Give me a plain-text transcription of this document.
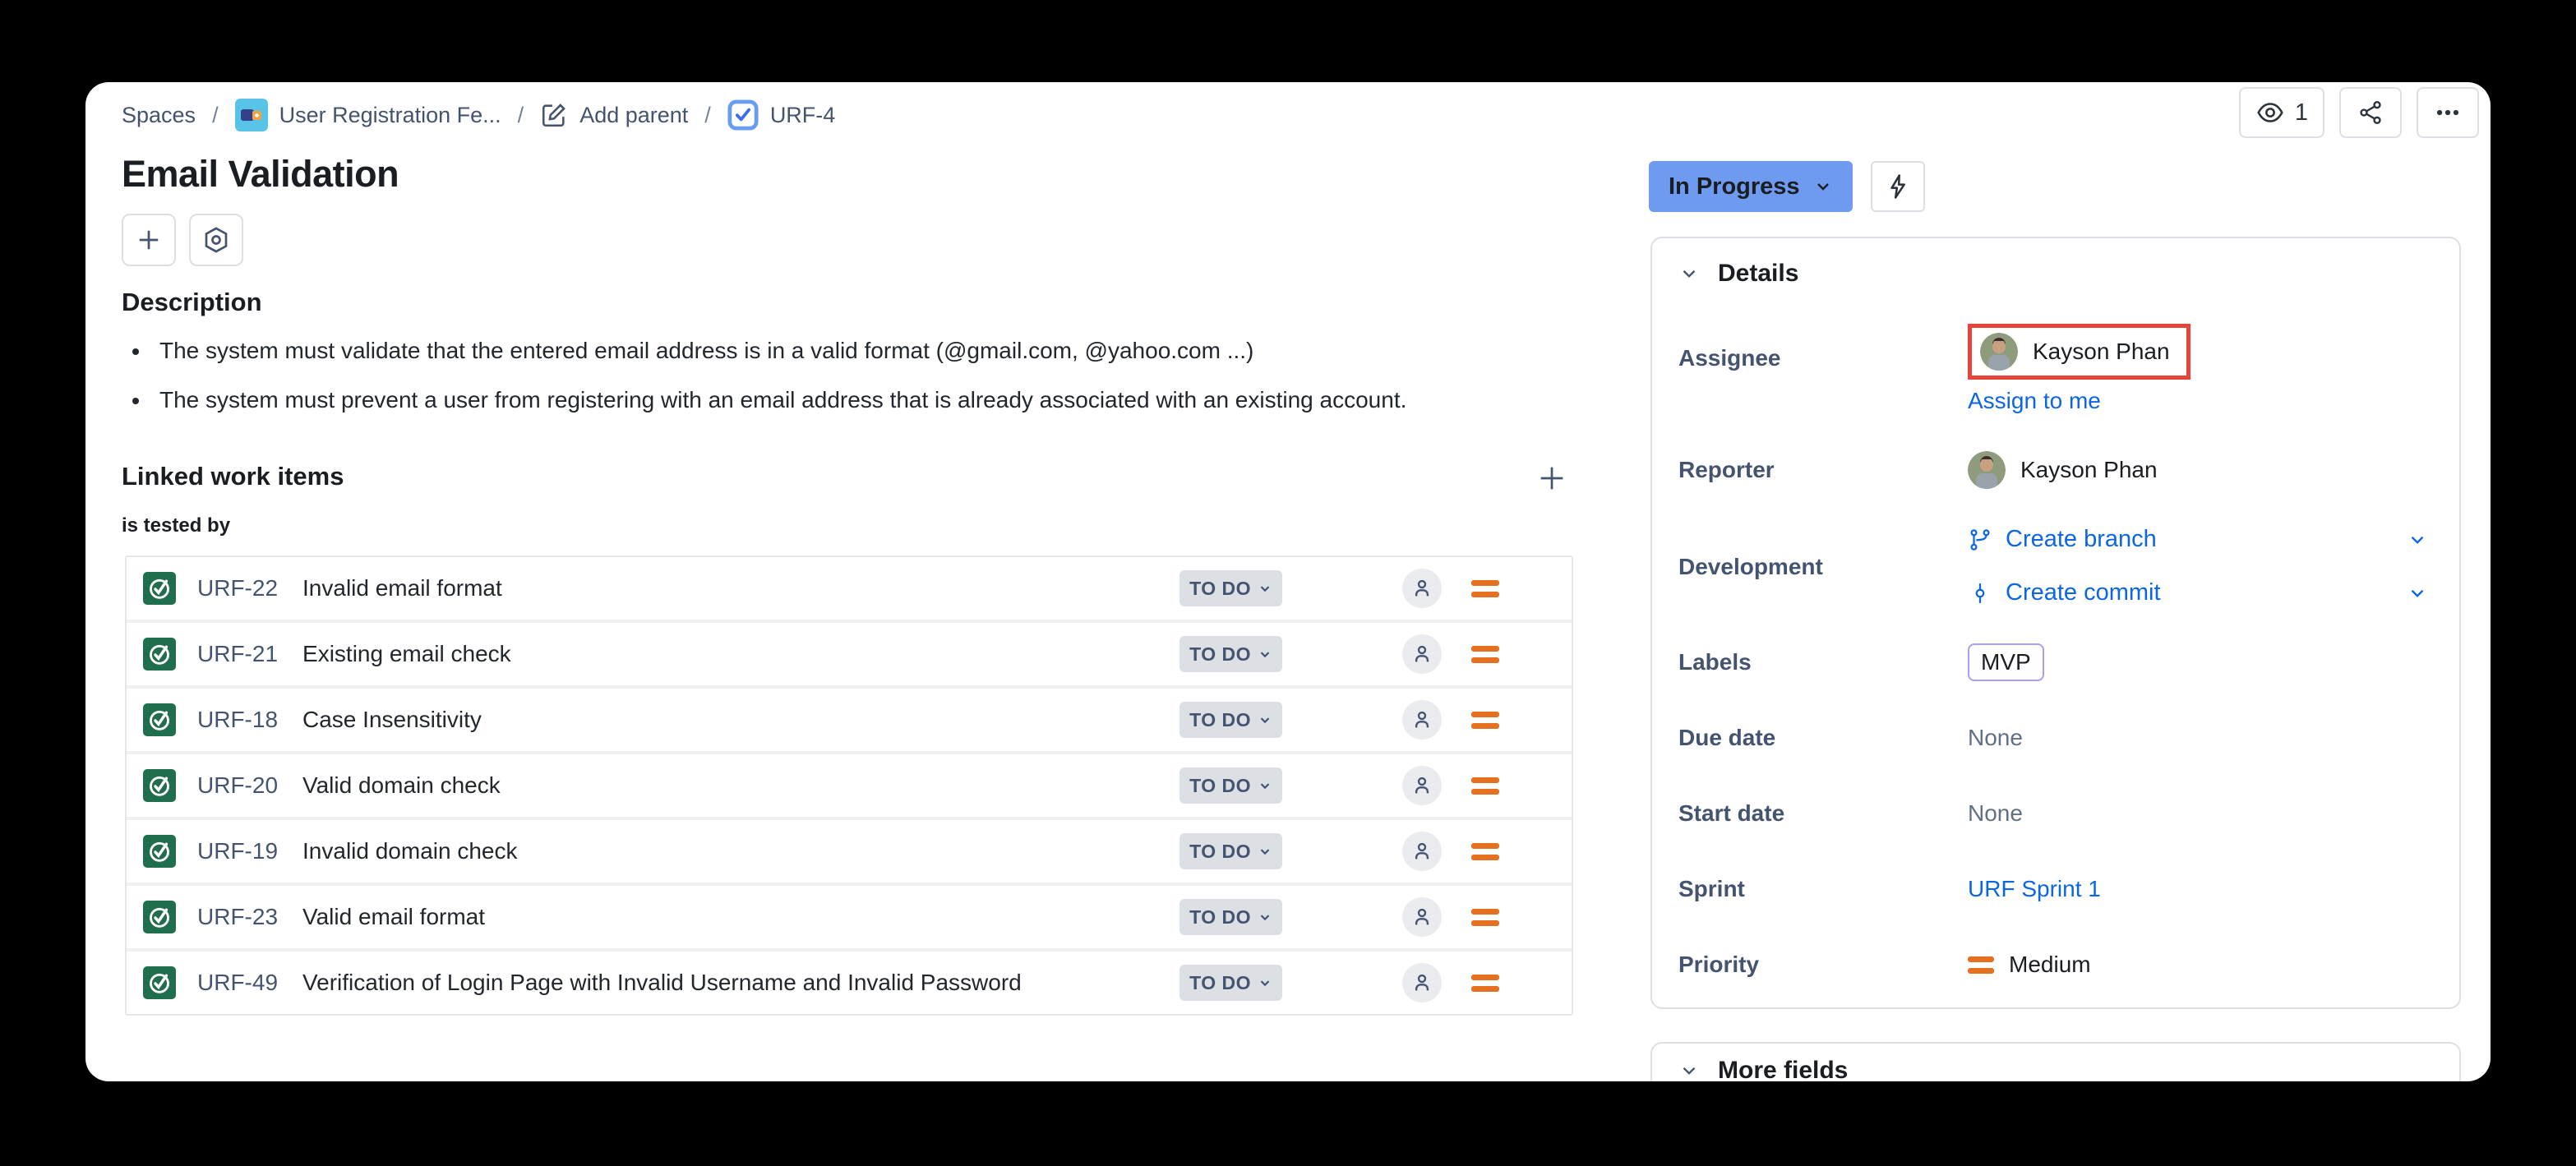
Spaces /	User Registration Fe... /	Add parent /	URF-4	1
Email Validation
Description
• The system must validate that the entered email address is in a valid format (@gmail.com, @yahoo.com ...)
• The system must prevent a user from registering with an email address that is already associated with an existing account.
Linked work items
is tested by
URF-22 Invalid email format	TO DO
URF-21 Existing email check	TO DO
URF-18 Case Insensitivity	TO DO
URF-20 Valid domain check	TO DO
URF-19 Invalid domain check	TO DO
URF-23 Valid email format	TO DO
URF-49 Verification of Login Page with Invalid Username and Invalid Password	TO DO
In Progress
Details
Assignee	Kayson Phan
Assign to me
Reporter	Kayson Phan
Development
Create branch
Create commit
Labels	MVP
Due date	None
Start date	None
Sprint	URF Sprint 1
Priority	Medium
More fields
